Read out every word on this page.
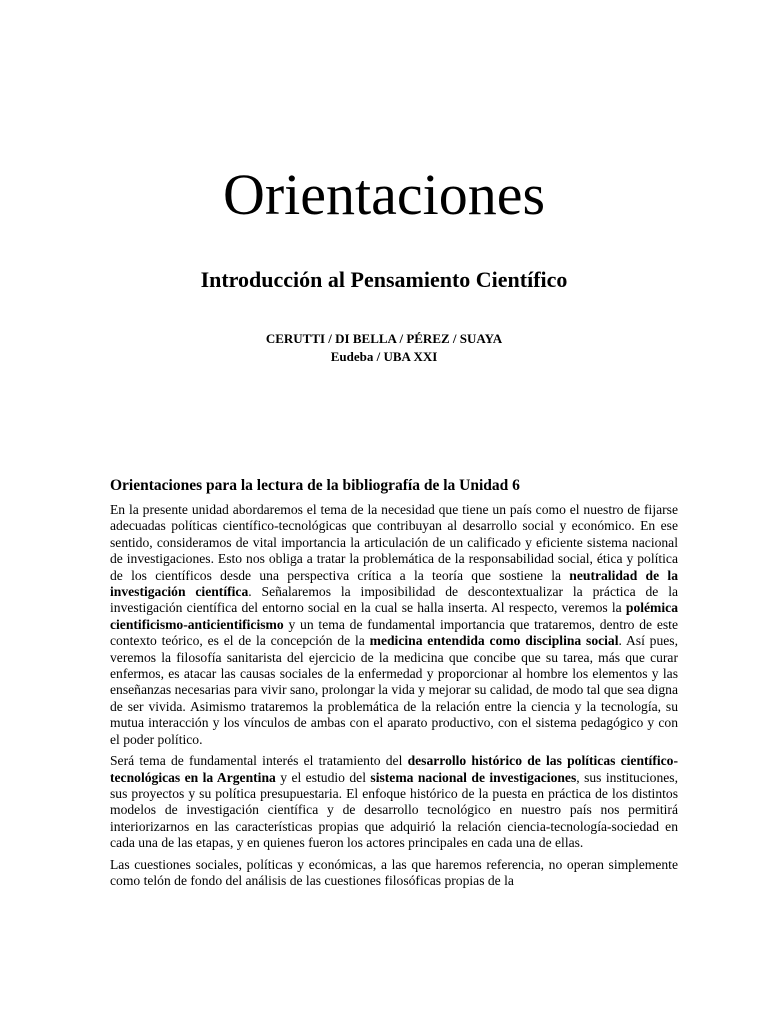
Orientaciones
Introducción al Pensamiento Científico
CERUTTI / DI BELLA / PÉREZ / SUAYA
Eudeba / UBA XXI
Orientaciones para la lectura de la bibliografía de la Unidad 6

En la presente unidad abordaremos el tema de la necesidad que tiene un país como el nuestro de fijarse adecuadas políticas científico-tecnológicas que contribuyan al desarrollo social y económico. En ese sentido, consideramos de vital importancia la articulación de un calificado y eficiente sistema nacional de investigaciones. Esto nos obliga a tratar la problemática de la responsabilidad social, ética y política de los científicos desde una perspectiva crítica a la teoría que sostiene la neutralidad de la investigación científica. Señalaremos la imposibilidad de descontextualizar la práctica de la investigación científica del entorno social en la cual se halla inserta. Al respecto, veremos la polémica cientificismo-anticientificismo y un tema de fundamental importancia que trataremos, dentro de este contexto teórico, es el de la concepción de la medicina entendida como disciplina social. Así pues, veremos la filosofía sanitarista del ejercicio de la medicina que concibe que su tarea, más que curar enfermos, es atacar las causas sociales de la enfermedad y proporcionar al hombre los elementos y las enseñanzas necesarias para vivir sano, prolongar la vida y mejorar su calidad, de modo tal que sea digna de ser vivida. Asimismo trataremos la problemática de la relación entre la ciencia y la tecnología, su mutua interacción y los vínculos de ambas con el aparato productivo, con el sistema pedagógico y con el poder político.

Será tema de fundamental interés el tratamiento del desarrollo histórico de las políticas científico-tecnológicas en la Argentina y el estudio del sistema nacional de investigaciones, sus instituciones, sus proyectos y su política presupuestaria. El enfoque histórico de la puesta en práctica de los distintos modelos de investigación científica y de desarrollo tecnológico en nuestro país nos permitirá interiorizarnos en las características propias que adquirió la relación ciencia-tecnología-sociedad en cada una de las etapas, y en quienes fueron los actores principales en cada una de ellas.

Las cuestiones sociales, políticas y económicas, a las que haremos referencia, no operan simplemente como telón de fondo del análisis de las cuestiones filosóficas propias de la
